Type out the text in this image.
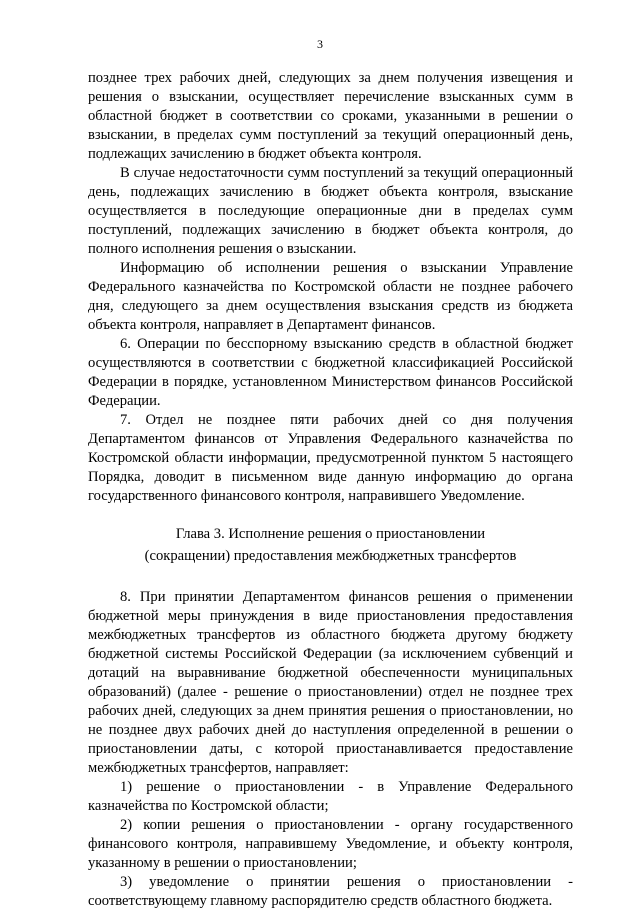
3

позднее трех рабочих дней, следующих за днем получения извещения и решения о взыскании, осуществляет перечисление взысканных сумм в областной бюджет в соответствии со сроками, указанными в решении о взыскании, в пределах сумм поступлений за текущий операционный день, подлежащих зачислению в бюджет объекта контроля.

В случае недостаточности сумм поступлений за текущий операционный день, подлежащих зачислению в бюджет объекта контроля, взыскание осуществляется в последующие операционные дни в пределах сумм поступлений, подлежащих зачислению в бюджет объекта контроля, до полного исполнения решения о взыскании.

Информацию об исполнении решения о взыскании Управление Федерального казначейства по Костромской области не позднее рабочего дня, следующего за днем осуществления взыскания средств из бюджета объекта контроля, направляет в Департамент финансов.

6. Операции по бесспорному взысканию средств в областной бюджет осуществляются в соответствии с бюджетной классификацией Российской Федерации в порядке, установленном Министерством финансов Российской Федерации.

7. Отдел не позднее пяти рабочих дней со дня получения Департаментом финансов от Управления Федерального казначейства по Костромской области информации, предусмотренной пунктом 5 настоящего Порядка, доводит в письменном виде данную информацию до органа государственного финансового контроля, направившего Уведомление.

Глава 3. Исполнение решения о приостановлении
(сокращении) предоставления межбюджетных трансфертов

8. При принятии Департаментом финансов решения о применении бюджетной меры принуждения в виде приостановления предоставления межбюджетных трансфертов из областного бюджета другому бюджету бюджетной системы Российской Федерации (за исключением субвенций и дотаций на выравнивание бюджетной обеспеченности муниципальных образований) (далее - решение о приостановлении) отдел не позднее трех рабочих дней, следующих за днем принятия решения о приостановлении, но не позднее двух рабочих дней до наступления определенной в решении о приостановлении даты, с которой приостанавливается предоставление межбюджетных трансфертов, направляет:

1) решение о приостановлении - в Управление Федерального казначейства по Костромской области;

2) копии решения о приостановлении - органу государственного финансового контроля, направившему Уведомление, и объекту контроля, указанному в решении о приостановлении;

3) уведомление о принятии решения о приостановлении - соответствующему главному распорядителю средств областного бюджета.
